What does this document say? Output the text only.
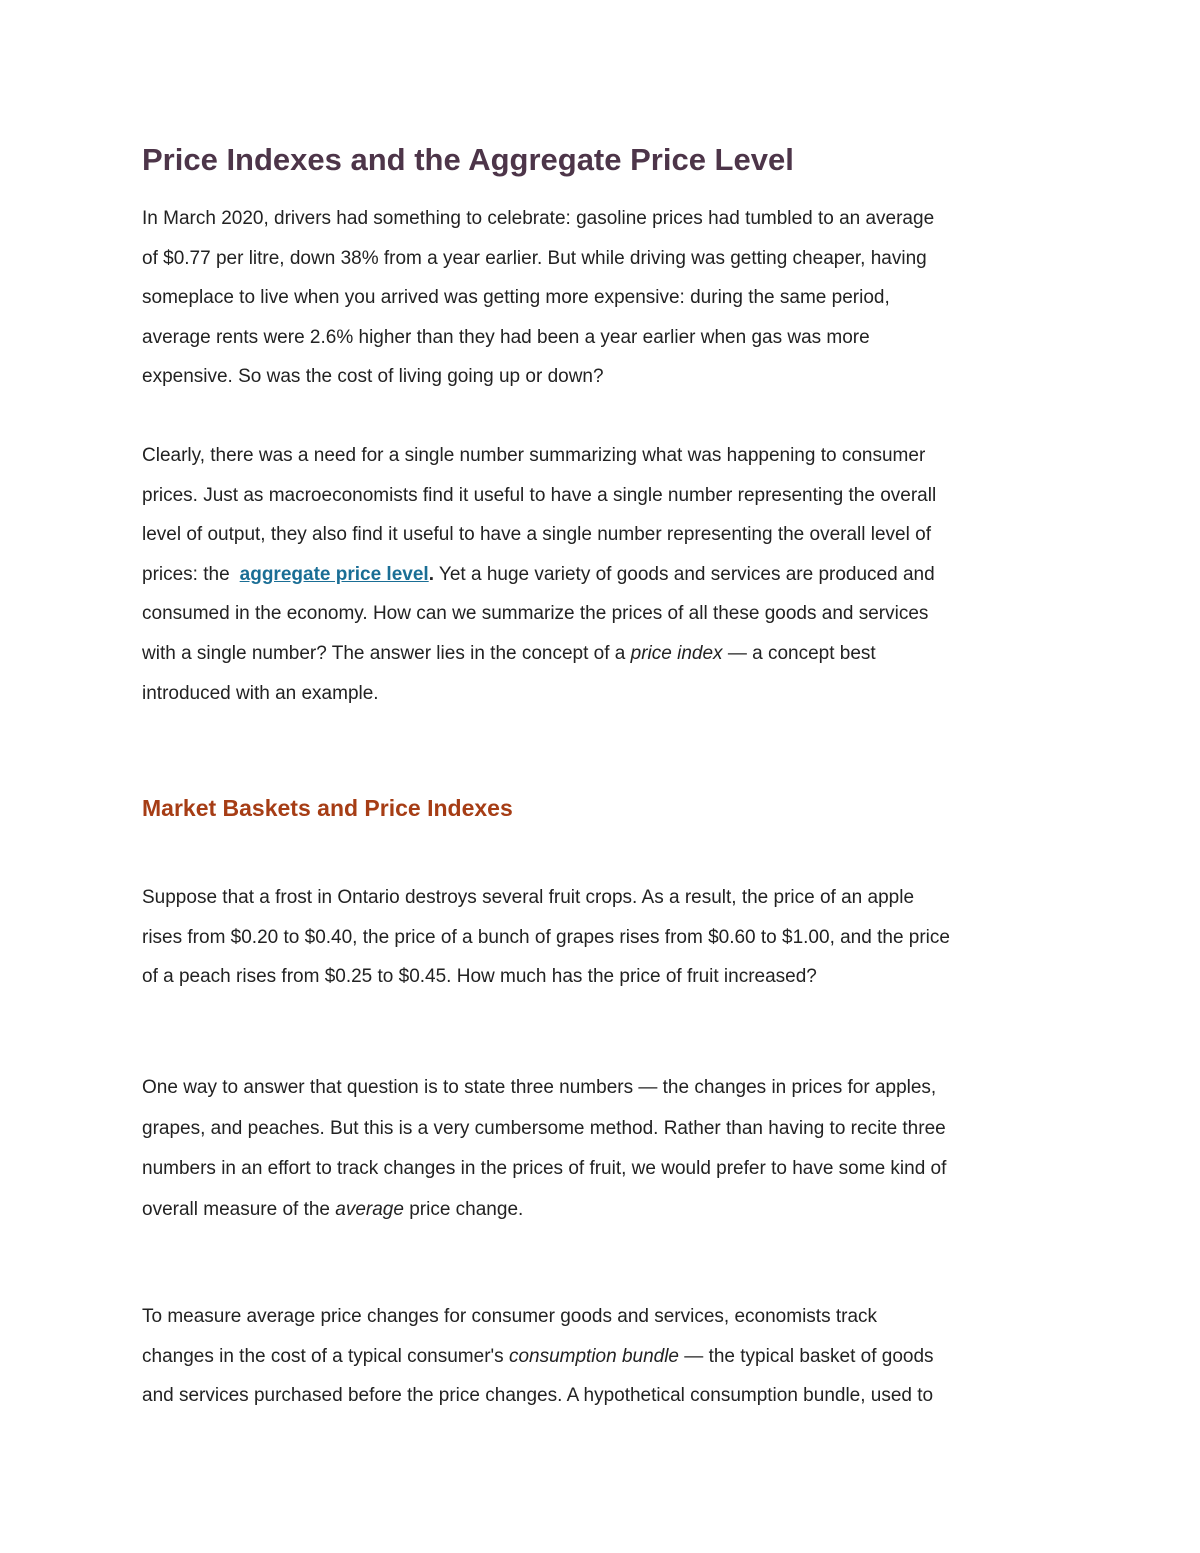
Price Indexes and the Aggregate Price Level

In March 2020, drivers had something to celebrate: gasoline prices had tumbled to an average
of $0.77 per litre, down 38% from a year earlier. But while driving was getting cheaper, having
someplace to live when you arrived was getting more expensive: during the same period,
average rents were 2.6% higher than they had been a year earlier when gas was more
expensive. So was the cost of living going up or down?

Clearly, there was a need for a single number summarizing what was happening to consumer
prices. Just as macroeconomists find it useful to have a single number representing the overall
level of output, they also find it useful to have a single number representing the overall level of
prices: the aggregate price level. Yet a huge variety of goods and services are produced and
consumed in the economy. How can we summarize the prices of all these goods and services
with a single number? The answer lies in the concept of a price index — a concept best
introduced with an example.

Market Baskets and Price Indexes

Suppose that a frost in Ontario destroys several fruit crops. As a result, the price of an apple
rises from $0.20 to $0.40, the price of a bunch of grapes rises from $0.60 to $1.00, and the price
of a peach rises from $0.25 to $0.45. How much has the price of fruit increased?

One way to answer that question is to state three numbers — the changes in prices for apples,
grapes, and peaches. But this is a very cumbersome method. Rather than having to recite three
numbers in an effort to track changes in the prices of fruit, we would prefer to have some kind of
overall measure of the average price change.

To measure average price changes for consumer goods and services, economists track
changes in the cost of a typical consumer's consumption bundle — the typical basket of goods
and services purchased before the price changes. A hypothetical consumption bundle, used to
